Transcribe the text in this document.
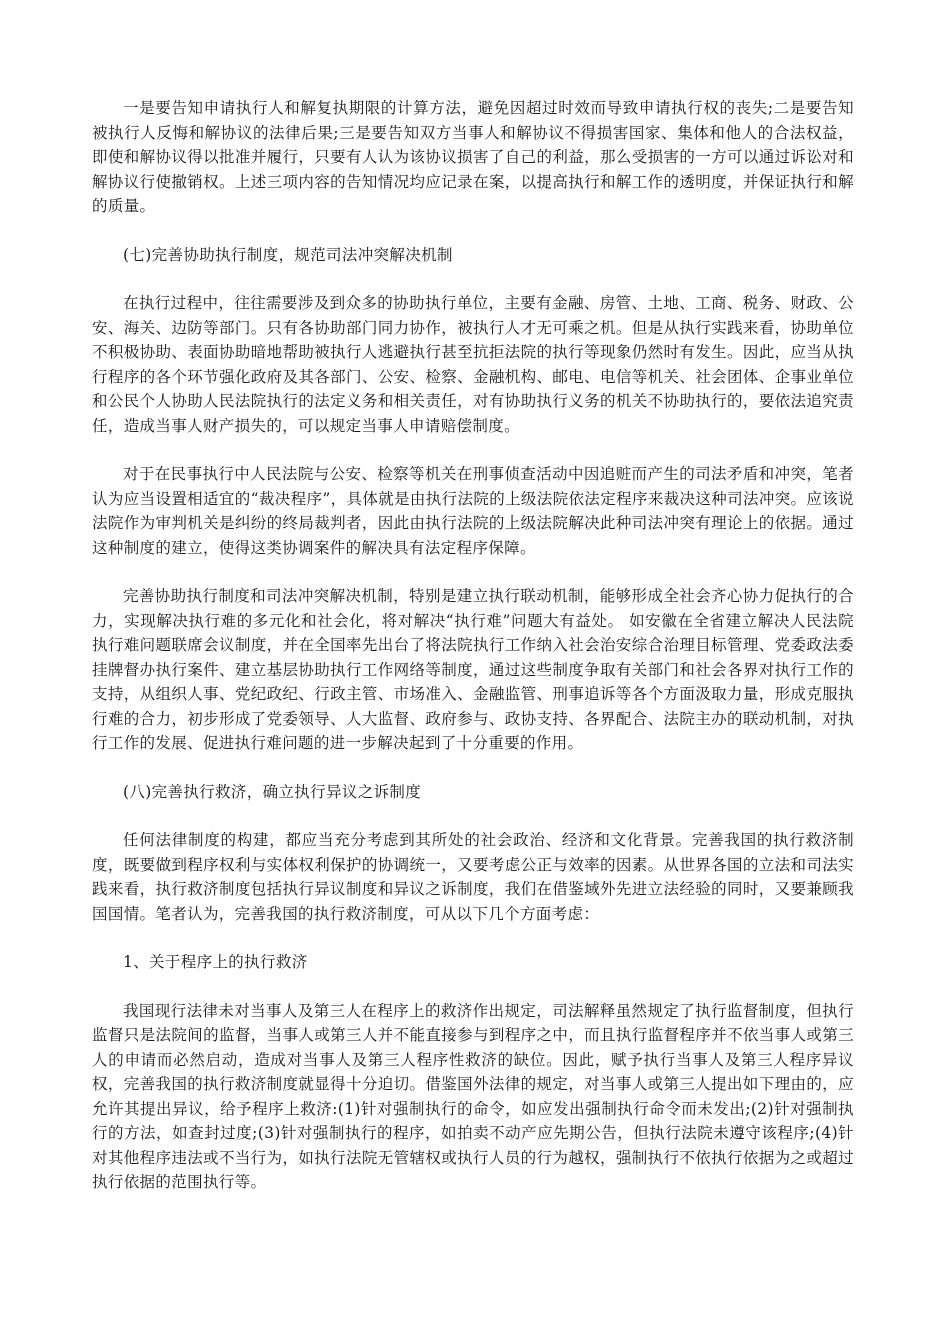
一是要告知申请执行人和解复执期限的计算方法，避免因超过时效而导致申请执行权的丧失;二是要告知被执行人反悔和解协议的法律后果;三是要告知双方当事人和解协议不得损害国家、集体和他人的合法权益，即使和解协议得以批准并履行，只要有人认为该协议损害了自己的利益，那么受损害的一方可以通过诉讼对和解协议行使撤销权。上述三项内容的告知情况均应记录在案，以提高执行和解工作的透明度，并保证执行和解的质量。

(七)完善协助执行制度，规范司法冲突解决机制

在执行过程中，往往需要涉及到众多的协助执行单位，主要有金融、房管、土地、工商、税务、财政、公安、海关、边防等部门。只有各协助部门同力协作，被执行人才无可乘之机。但是从执行实践来看，协助单位不积极协助、表面协助暗地帮助被执行人逃避执行甚至抗拒法院的执行等现象仍然时有发生。因此，应当从执行程序的各个环节强化政府及其各部门、公安、检察、金融机构、邮电、电信等机关、社会团体、企事业单位和公民个人协助人民法院执行的法定义务和相关责任，对有协助执行义务的机关不协助执行的，要依法追究责任，造成当事人财产损失的，可以规定当事人申请赔偿制度。

对于在民事执行中人民法院与公安、检察等机关在刑事侦查活动中因追赃而产生的司法矛盾和冲突，笔者认为应当设置相适宜的“裁决程序”，具体就是由执行法院的上级法院依法定程序来裁决这种司法冲突。应该说法院作为审判机关是纠纷的终局裁判者，因此由执行法院的上级法院解决此种司法冲突有理论上的依据。通过这种制度的建立，使得这类协调案件的解决具有法定程序保障。

完善协助执行制度和司法冲突解决机制，特别是建立执行联动机制，能够形成全社会齐心协力促执行的合力，实现解决执行难的多元化和社会化，将对解决“执行难”问题大有益处。 如安徽在全省建立解决人民法院执行难问题联席会议制度，并在全国率先出台了将法院执行工作纳入社会治安综合治理目标管理、党委政法委挂牌督办执行案件、建立基层协助执行工作网络等制度，通过这些制度争取有关部门和社会各界对执行工作的支持，从组织人事、党纪政纪、行政主管、市场准入、金融监管、刑事追诉等各个方面汲取力量，形成克服执行难的合力，初步形成了党委领导、人大监督、政府参与、政协支持、各界配合、法院主办的联动机制，对执行工作的发展、促进执行难问题的进一步解决起到了十分重要的作用。

(八)完善执行救济，确立执行异议之诉制度

任何法律制度的构建，都应当充分考虑到其所处的社会政治、经济和文化背景。完善我国的执行救济制度，既要做到程序权利与实体权利保护的协调统一，又要考虑公正与效率的因素。从世界各国的立法和司法实践来看，执行救济制度包括执行异议制度和异议之诉制度，我们在借鉴域外先进立法经验的同时，又要兼顾我国国情。笔者认为，完善我国的执行救济制度，可从以下几个方面考虑：

1、关于程序上的执行救济

我国现行法律未对当事人及第三人在程序上的救济作出规定，司法解释虽然规定了执行监督制度，但执行监督只是法院间的监督，当事人或第三人并不能直接参与到程序之中，而且执行监督程序并不依当事人或第三人的申请而必然启动，造成对当事人及第三人程序性救济的缺位。因此，赋予执行当事人及第三人程序异议权，完善我国的执行救济制度就显得十分迫切。借鉴国外法律的规定，对当事人或第三人提出如下理由的，应允许其提出异议，给予程序上救济:(1)针对强制执行的命令，如应发出强制执行命令而未发出;(2)针对强制执行的方法，如查封过度;(3)针对强制执行的程序，如拍卖不动产应先期公告，但执行法院未遵守该程序;(4)针对其他程序违法或不当行为，如执行法院无管辖权或执行人员的行为越权，强制执行不依执行依据为之或超过执行依据的范围执行等。
